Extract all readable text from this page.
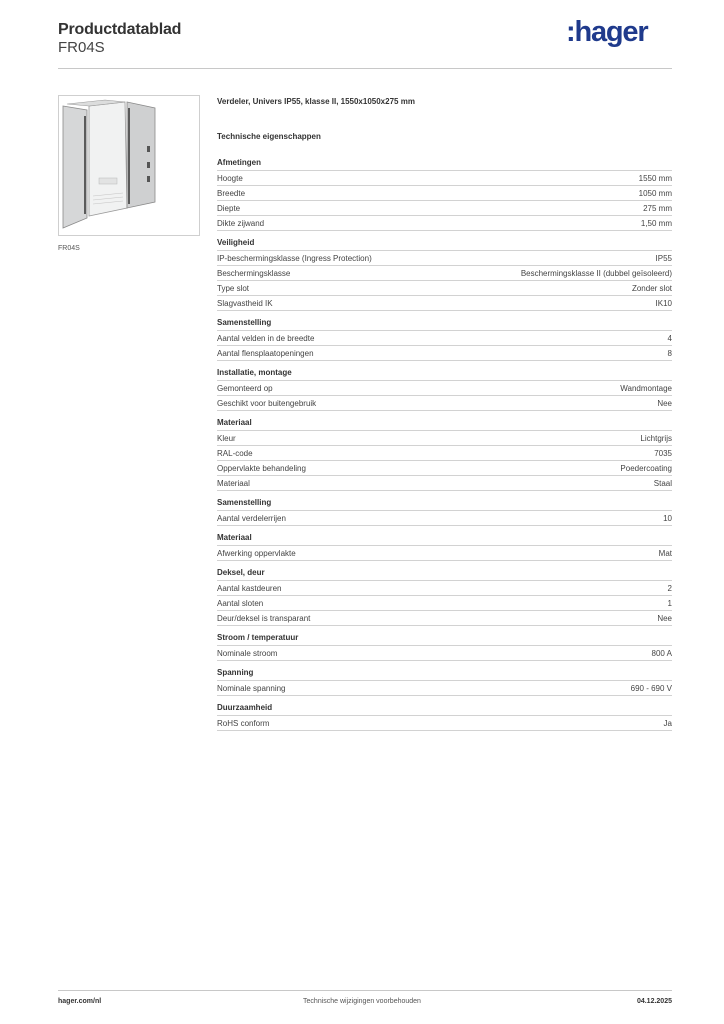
Productdatablad
FR04S	:hager
FR04S
Verdeler, Univers IP55, klasse II, 1550x1050x275 mm
Technische eigenschappen
Afmetingen
Hoogte	1550 mm
Breedte	1050 mm
Diepte	275 mm
Dikte zijwand	1,50 mm
Veiligheid
IP-beschermingsklasse (Ingress Protection)	IP55
Beschermingsklasse	Beschermingsklasse II (dubbel geïsoleerd)
Type slot	Zonder slot
Slagvastheid IK	IK10
Samenstelling
Aantal velden in de breedte	4
Aantal flensplaatopeningen	8
Installatie, montage
Gemonteerd op	Wandmontage
Geschikt voor buitengebruik	Nee
Materiaal
Kleur	Lichtgrijs
RAL-code	7035
Oppervlakte behandeling	Poedercoating
Materiaal	Staal
Samenstelling
Aantal verdelerrijen	10
Materiaal
Afwerking oppervlakte	Mat
Deksel, deur
Aantal kastdeuren	2
Aantal sloten	1
Deur/deksel is transparant	Nee
Stroom / temperatuur
Nominale stroom	800 A
Spanning
Nominale spanning	690 - 690 V
Duurzaamheid
RoHS conform	Ja
hager.com/nl	Technische wijzigingen voorbehouden	04.12.2025
